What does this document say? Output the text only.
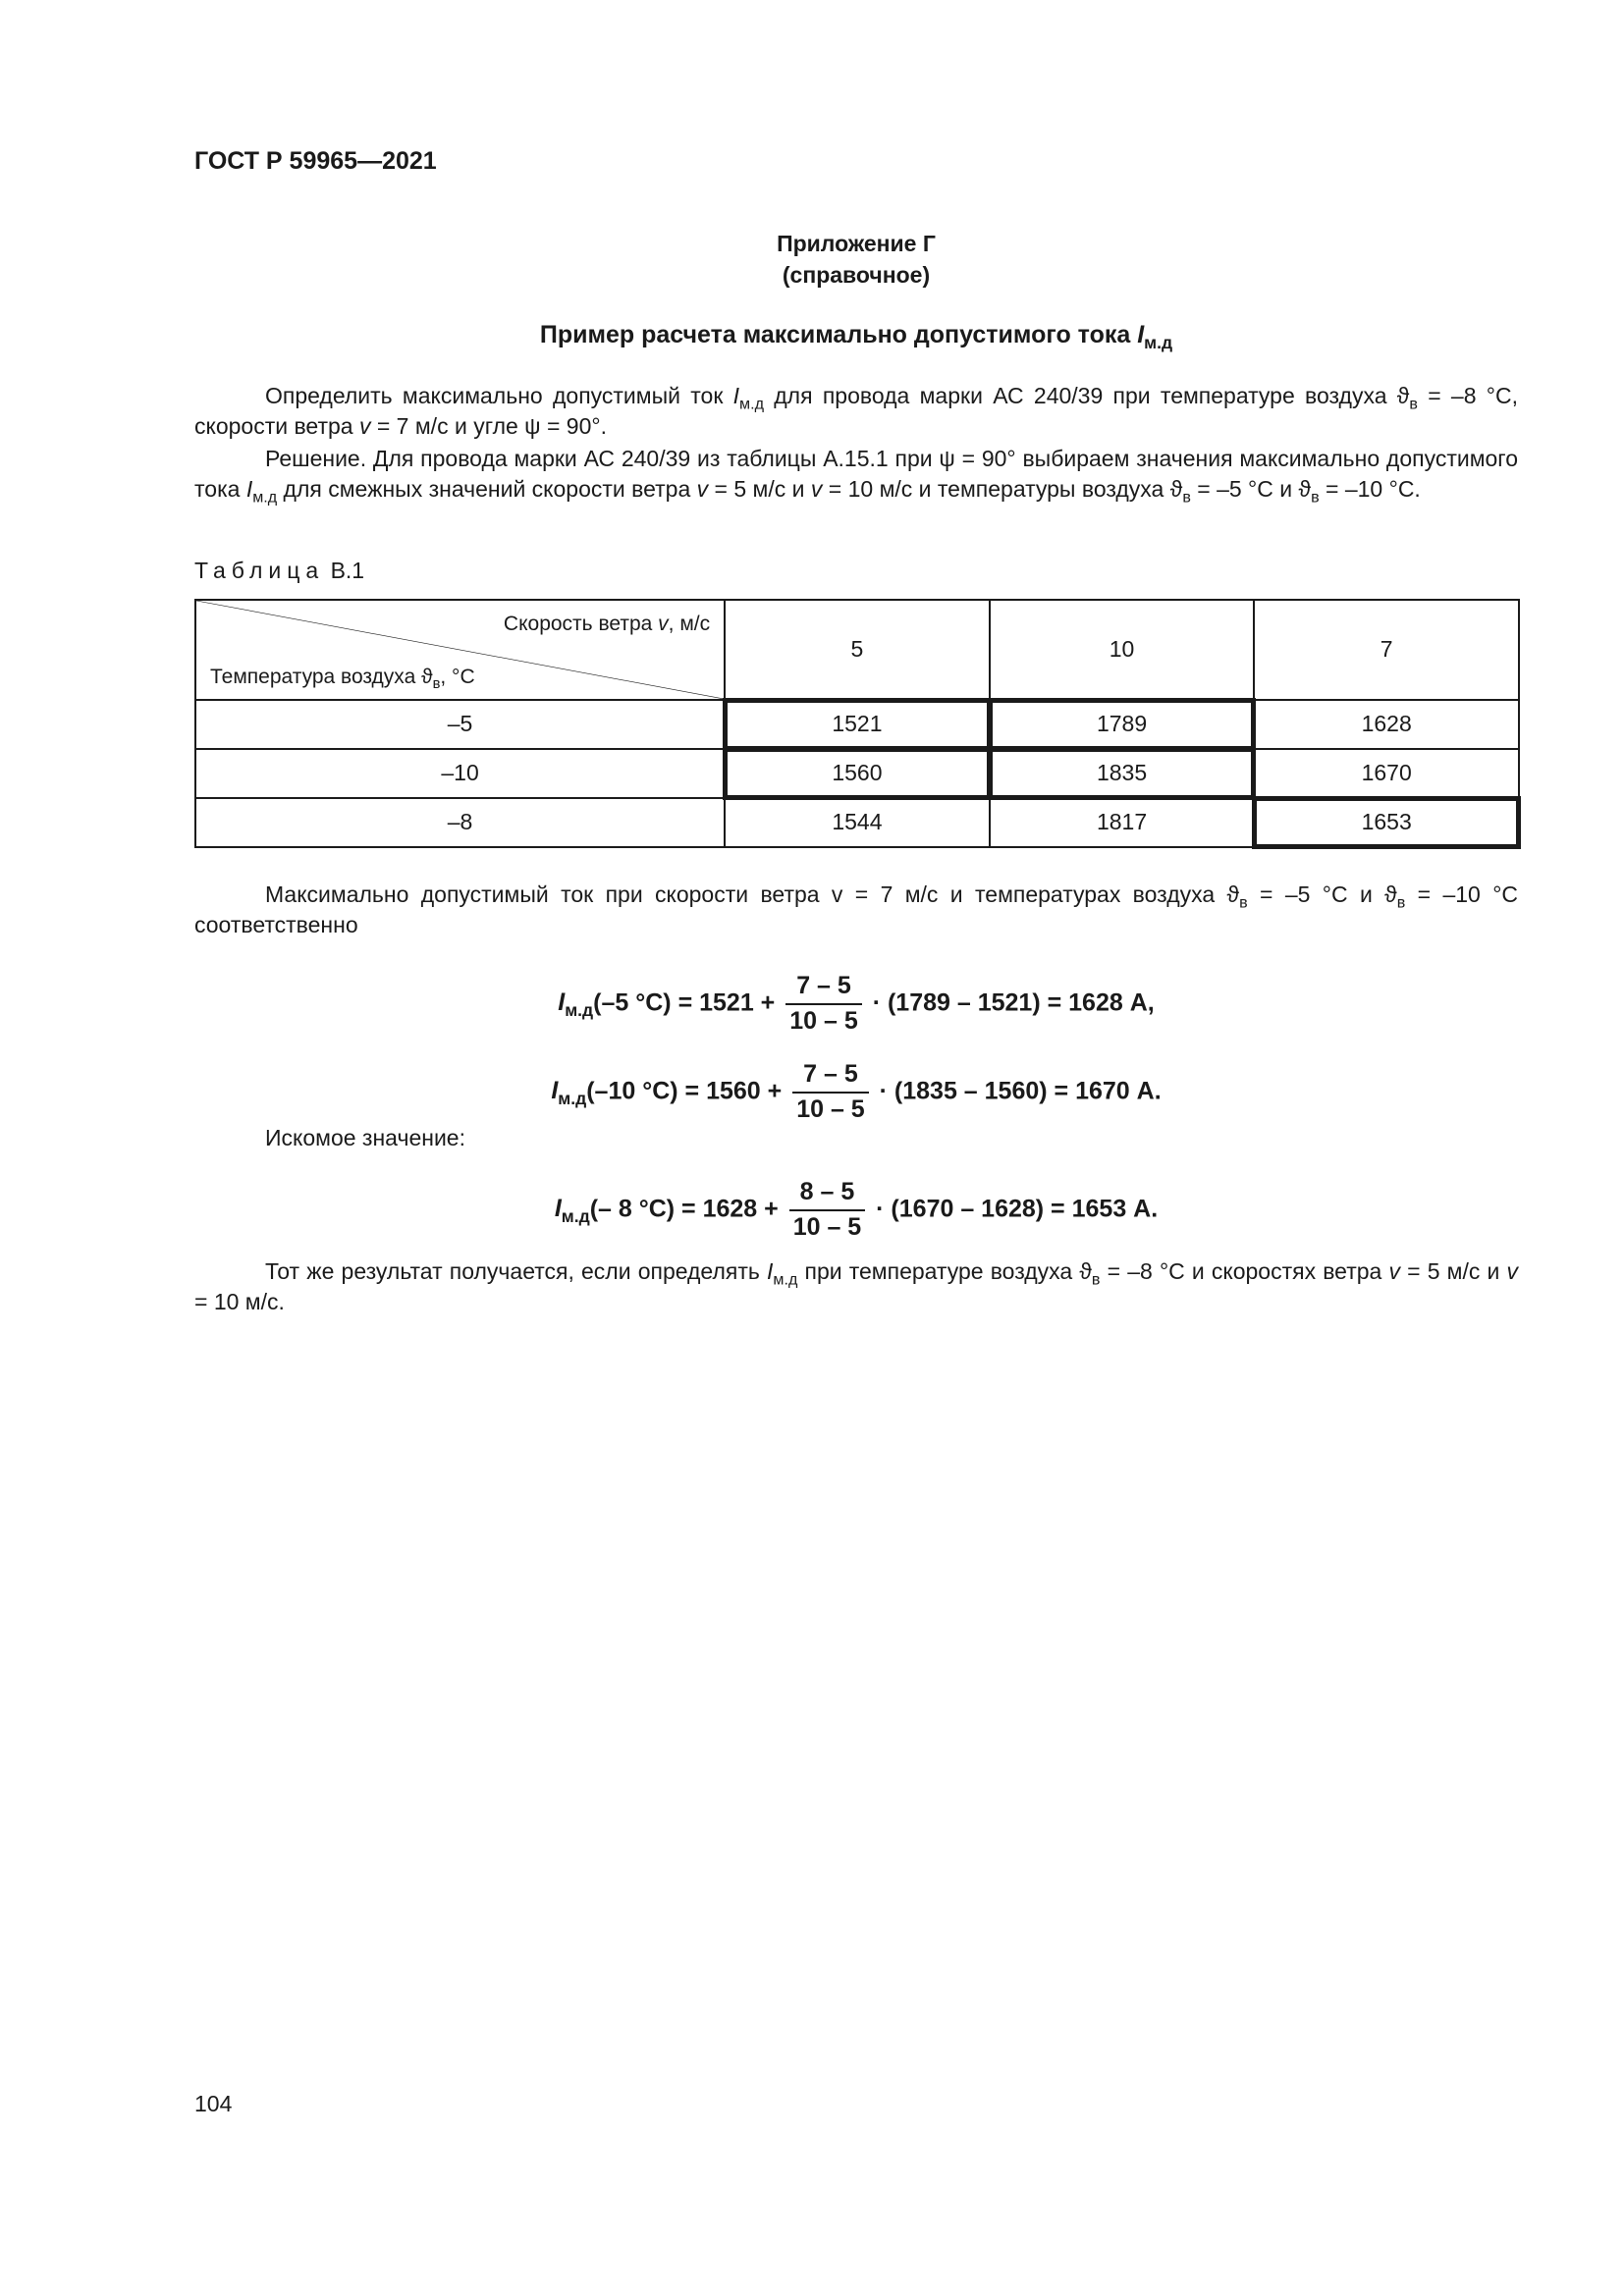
ГОСТ Р 59965—2021
Приложение Г
(справочное)
Пример расчета максимально допустимого тока $I_{м.д}$
Определить максимально допустимый ток $I_{м.д}$ для провода марки АС 240/39 при температуре воздуха $ϑ_в = -8$ °С, скорости ветра v = 7 м/с и угле ψ = 90°.
Решение. Для провода марки АС 240/39 из таблицы А.15.1 при ψ = 90° выбираем значения максимально допустимого тока $I_{м.д}$ для смежных значений скорости ветра v = 5 м/с и v = 10 м/с и температуры воздуха $ϑ_в = -5$ °С и $ϑ_в = -10$ °С.
Таблица В.1
Скорость ветра v, м/с
Температура воздуха $ϑ_в$, °С	5	10	7
–5	1521	1789	1628
–10	1560	1835	1670
–8	1544	1817	1653
Максимально допустимый ток при скорости ветра v = 7 м/с и температурах воздуха $ϑ_в = -5$ °С и $ϑ_в = -10$ °С соответственно
$I_{м.д}(-5$ $^\circ С) = 1521 + \frac{7 - 5}{10 - 5} \cdot (1789 - 1521) = 1628$ А,
$I_{м.д}(-10$ $^\circ С) = 1560 + \frac{7 - 5}{10 - 5} \cdot (1835 - 1560) = 1670$ А.
Искомое значение:
$I_{м.д}(-$ 8 $^\circ С) = 1628 + \frac{8 - 5}{10 - 5} \cdot (1670 - 1628) = 1653$ А.
Тот же результат получается, если определять $I_{м.д}$ при температуре воздуха $ϑ_в = -8$ °С и скоростях ветра v = 5 м/с и v = 10 м/с.
104
